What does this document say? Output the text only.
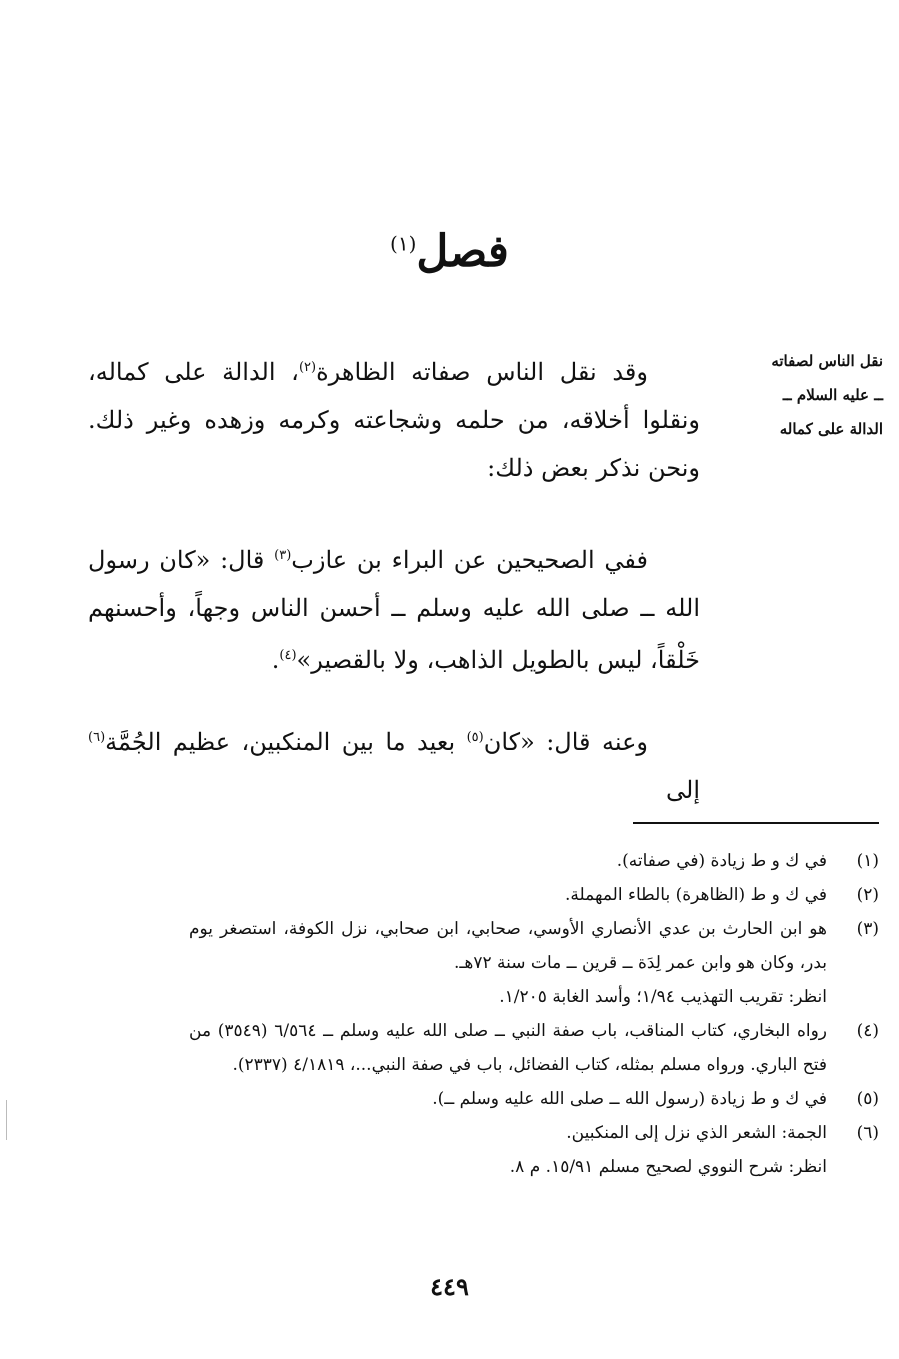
فصل$^{(١)}$
نقل الناس لصفاته
ــ عليه السلام ــ
الدالة على كماله
وقد نقل الناس صفاته الظاهرة$^{(٢)}$، الدالة على كماله، ونقلوا أخلاقه، من حلمه وشجاعته وكرمه وزهده وغير ذلك. ونحن نذكر بعض ذلك:
ففي الصحيحين عن البراء بن عازب$^{(٣)}$ قال: «كان رسول الله ــ صلى الله عليه وسلم ــ أحسن الناس وجهاً، وأحسنهم خَلْقاً، ليس بالطويل الذاهب، ولا بالقصير»$^{(٤)}$.
وعنه قال: «كان$^{(٥)}$ بعيد ما بين المنكبين، عظيم الجُمَّة$^{(٦)}$ إلى
(١)
في ك و ط زيادة (في صفاته).
(٢)
في ك و ط (الظاهرة) بالطاء المهملة.
(٣)
هو ابن الحارث بن عدي الأنصاري الأوسي، صحابي، ابن صحابي، نزل الكوفة، استصغر يوم بدر، وكان هو وابن عمر لِدَة ــ قرين ــ مات سنة ٧٢هـ.
انظر: تقريب التهذيب ١/٩٤؛ وأسد الغابة ١/٢٠٥.
(٤)
رواه البخاري، كتاب المناقب، باب صفة النبي ــ صلى الله عليه وسلم ــ ٦/٥٦٤ (٣٥٤٩) من فتح الباري. ورواه مسلم بمثله، كتاب الفضائل، باب في صفة النبي...، ٤/١٨١٩ (٢٣٣٧).
(٥)
في ك و ط زيادة (رسول الله ــ صلى الله عليه وسلم ــ).
(٦)
الجمة: الشعر الذي نزل إلى المنكبين.
انظر: شرح النووي لصحيح مسلم ١٥/٩١. م ٨.
٤٤٩
